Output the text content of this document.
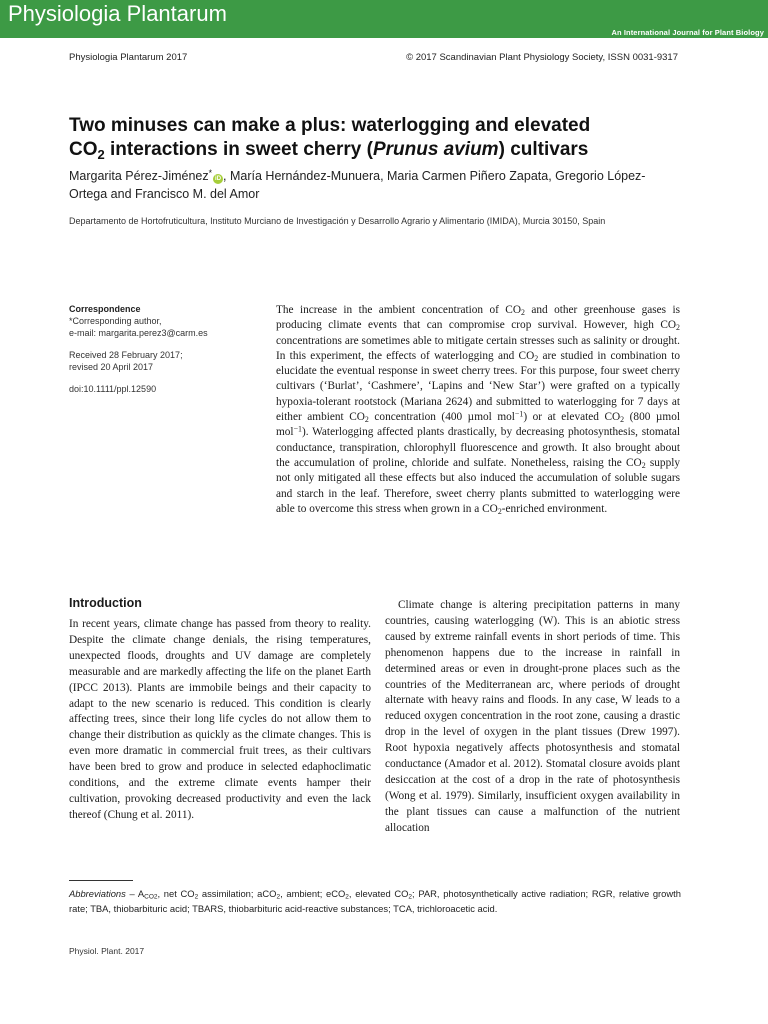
Physiologia Plantarum
An International Journal for Plant Biology
Physiologia Plantarum 2017	© 2017 Scandinavian Plant Physiology Society, ISSN 0031-9317
Two minuses can make a plus: waterlogging and elevated
$CO_2$ interactions in sweet cherry (Prunus avium) cultivars
Margarita Pérez-Jiménez*iD , María Hernández-Munuera, Maria Carmen Piñero Zapata, Gregorio López-Ortega and Francisco M. del Amor
Departamento de Hortofruticultura, Instituto Murciano de Investigación y Desarrollo Agrario y Alimentario (IMIDA), Murcia 30150, Spain
Correspondence
*Corresponding author,
e-mail: margarita.perez3@carm.es
Received 28 February 2017;
revised 20 April 2017
doi:10.1111/ppl.12590

The increase in the ambient concentration of $CO_2$ and other greenhouse gases is producing climate events that can compromise crop survival. However, high $CO_2$ concentrations are sometimes able to mitigate certain stresses such as salinity or drought. In this experiment, the effects of waterlogging and $CO_2$ are studied in combination to elucidate the eventual response in sweet cherry trees. For this purpose, four sweet cherry cultivars (‘Burlat’, ‘Cashmere’, ‘Lapins and ‘New Star’) were grafted on a typically hypoxia-tolerant rootstock (Mariana 2624) and submitted to waterlogging for 7 days at either ambient $CO_2$ concentration (400 µmol mol$^{-1}$) or at elevated $CO_2$ (800 µmol mol$^{-1}$). Waterlogging affected plants drastically, by decreasing photosynthesis, stomatal conductance, transpiration, chlorophyll fluorescence and growth. It also brought about the accumulation of proline, chloride and sulfate. Nonetheless, raising the $CO_2$ supply not only mitigated all these effects but also induced the accumulation of soluble sugars and starch in the leaf. Therefore, sweet cherry plants submitted to waterlogging were able to overcome this stress when grown in a $CO_2$-enriched environment.

Introduction

In recent years, climate change has passed from theory to reality. Despite the climate change denials, the rising temperatures, unexpected floods, droughts and UV damage are completely measurable and are markedly affecting the life on the planet Earth (IPCC 2013). Plants are immobile beings and their capacity to adapt to the new scenario is reduced. This condition is clearly affecting trees, since their long life cycles do not allow them to change their distribution as quickly as the climate changes. This is even more dramatic in commercial fruit trees, as their cultivars have been bred to grow and produce in selected edaphoclimatic conditions, and the extreme climate events hamper their cultivation, provoking decreased productivity and even the lack thereof (Chung et al. 2011).

Climate change is altering precipitation patterns in many countries, causing waterlogging (W). This is an abiotic stress caused by extreme rainfall events in short periods of time. This phenomenon happens due to the increase in rainfall in determined areas or even in drought-prone places such as the countries of the Mediterranean arc, where periods of drought alternate with heavy rains and floods. In any case, W leads to a reduced oxygen concentration in the root zone, causing a drastic drop in the level of oxygen in the plant tissues (Drew 1997). Root hypoxia negatively affects photosynthesis and stomatal conductance (Amador et al. 2012). Stomatal closure avoids plant desiccation at the cost of a drop in the rate of photosynthesis (Wong et al. 1979). Similarly, insufficient oxygen availability in the plant tissues can cause a malfunction of the nutrient allocation

Abbreviations – $A_{CO2}$, net $CO_2$ assimilation; aCO$_2$, ambient; eCO$_2$, elevated $CO_2$; PAR, photosynthetically active radiation; RGR, relative growth rate; TBA, thiobarbituric acid; TBARS, thiobarbituric acid-reactive substances; TCA, trichloroacetic acid.
Physiol. Plant. 2017
